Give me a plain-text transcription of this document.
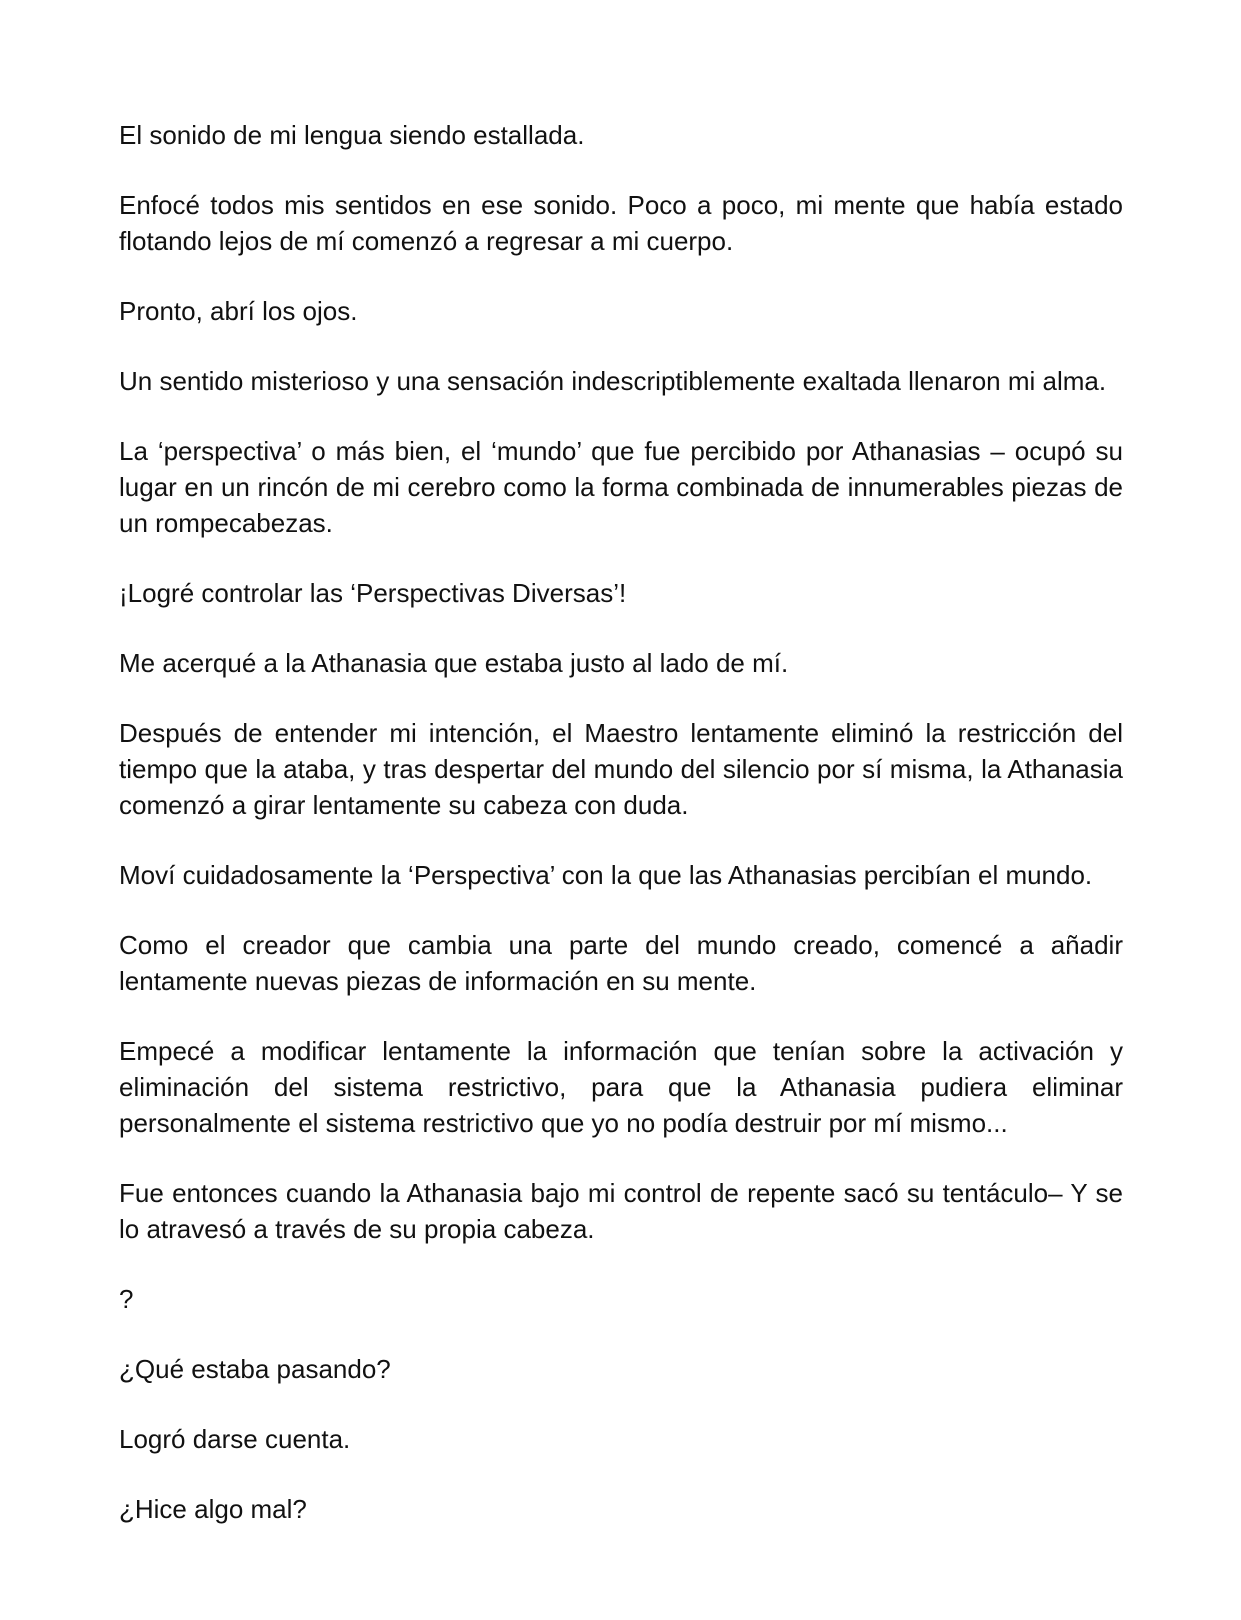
El sonido de mi lengua siendo estallada.

Enfocé todos mis sentidos en ese sonido. Poco a poco, mi mente que había estado flotando lejos de mí comenzó a regresar a mi cuerpo.

Pronto, abrí los ojos.

Un sentido misterioso y una sensación indescriptiblemente exaltada llenaron mi alma.

La ‘perspectiva’ o más bien, el ‘mundo’ que fue percibido por Athanasias – ocupó su lugar en un rincón de mi cerebro como la forma combinada de innumerables piezas de un rompecabezas.

¡Logré controlar las ‘Perspectivas Diversas’!

Me acerqué a la Athanasia que estaba justo al lado de mí.

Después de entender mi intención, el Maestro lentamente eliminó la restricción del tiempo que la ataba, y tras despertar del mundo del silencio por sí misma, la Athanasia comenzó a girar lentamente su cabeza con duda.

Moví cuidadosamente la ‘Perspectiva’ con la que las Athanasias percibían el mundo.

Como el creador que cambia una parte del mundo creado, comencé a añadir lentamente nuevas piezas de información en su mente.

Empecé a modificar lentamente la información que tenían sobre la activación y eliminación del sistema restrictivo, para que la Athanasia pudiera eliminar personalmente el sistema restrictivo que yo no podía destruir por mí mismo...

Fue entonces cuando la Athanasia bajo mi control de repente sacó su tentáculo– Y se lo atravesó a través de su propia cabeza.

?

¿Qué estaba pasando?

Logró darse cuenta.

¿Hice algo mal?
